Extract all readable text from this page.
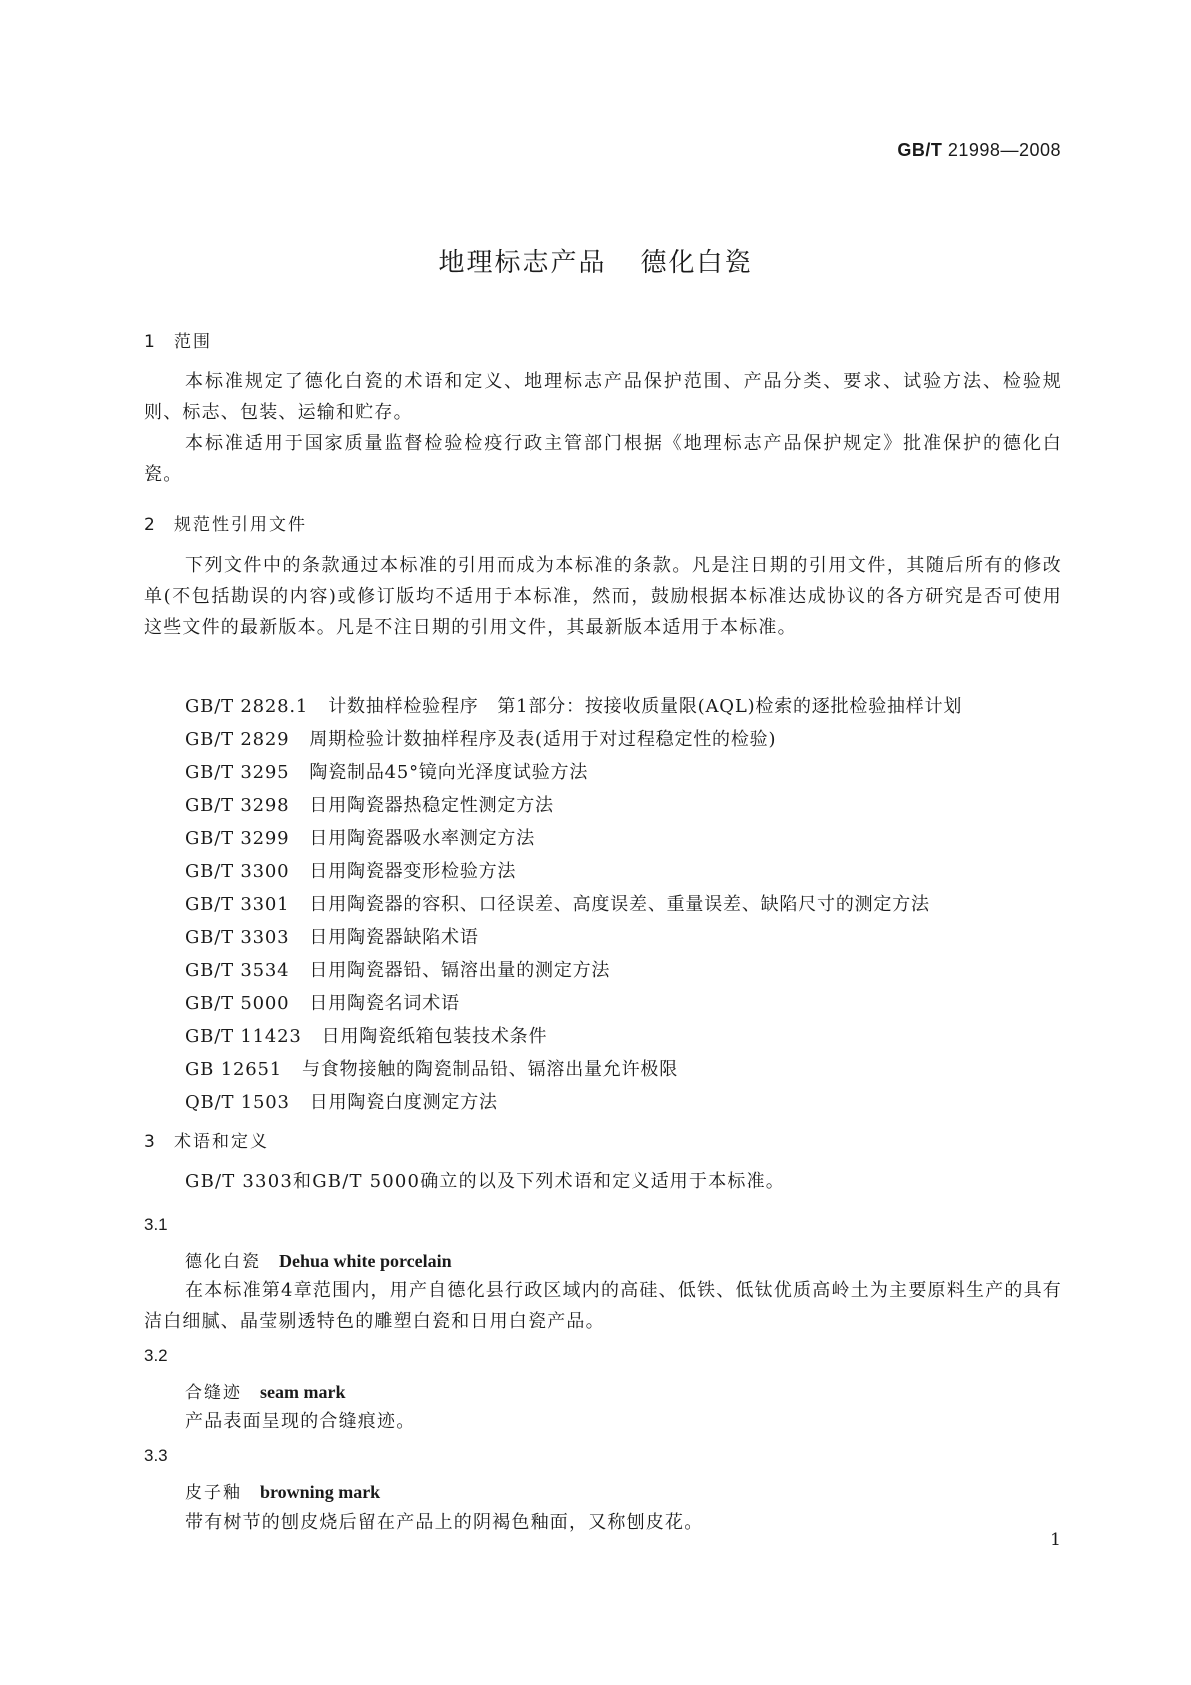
GB/T 21998—2008
地理标志产品 德化白瓷
1 范围
本标准规定了德化白瓷的术语和定义、地理标志产品保护范围、产品分类、要求、试验方法、检验规则、标志、包装、运输和贮存。
本标准适用于国家质量监督检验检疫行政主管部门根据《地理标志产品保护规定》批准保护的德化白瓷。
2 规范性引用文件
下列文件中的条款通过本标准的引用而成为本标准的条款。凡是注日期的引用文件，其随后所有的修改单(不包括勘误的内容)或修订版均不适用于本标准，然而，鼓励根据本标准达成协议的各方研究是否可使用这些文件的最新版本。凡是不注日期的引用文件，其最新版本适用于本标准。
GB/T 2828.1 计数抽样检验程序　第1部分：按接收质量限(AQL)检索的逐批检验抽样计划
GB/T 2829 周期检验计数抽样程序及表(适用于对过程稳定性的检验)
GB/T 3295 陶瓷制品45°镜向光泽度试验方法
GB/T 3298 日用陶瓷器热稳定性测定方法
GB/T 3299 日用陶瓷器吸水率测定方法
GB/T 3300 日用陶瓷器变形检验方法
GB/T 3301 日用陶瓷器的容积、口径误差、高度误差、重量误差、缺陷尺寸的测定方法
GB/T 3303 日用陶瓷器缺陷术语
GB/T 3534 日用陶瓷器铅、镉溶出量的测定方法
GB/T 5000 日用陶瓷名词术语
GB/T 11423 日用陶瓷纸箱包装技术条件
GB 12651 与食物接触的陶瓷制品铅、镉溶出量允许极限
QB/T 1503 日用陶瓷白度测定方法
3 术语和定义
GB/T 3303和GB/T 5000确立的以及下列术语和定义适用于本标准。
3.1
德化白瓷 Dehua white porcelain
在本标准第4章范围内，用产自德化县行政区域内的高硅、低铁、低钛优质高岭土为主要原料生产的具有洁白细腻、晶莹剔透特色的雕塑白瓷和日用白瓷产品。
3.2
合缝迹 seam mark
产品表面呈现的合缝痕迹。
3.3
皮子釉 browning mark
带有树节的刨皮烧后留在产品上的阴褐色釉面，又称刨皮花。
1
